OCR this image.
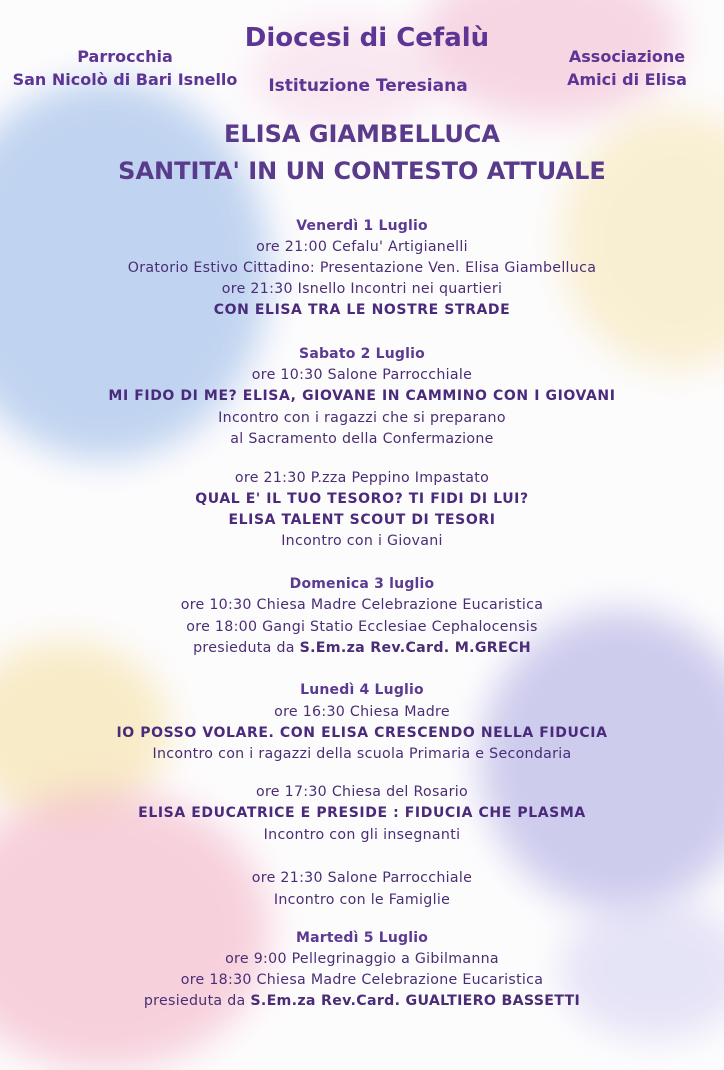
Parrocchia
San Nicolò di Bari Isnello
Diocesi di Cefalù
Istituzione Teresiana
Associazione
Amici di Elisa
ELISA GIAMBELLUCA
SANTITA' IN UN CONTESTO ATTUALE
Venerdì 1 Luglio
ore 21:00 Cefalu' Artigianelli
Oratorio Estivo Cittadino: Presentazione Ven. Elisa Giambelluca
ore 21:30 Isnello Incontri nei quartieri
CON ELISA TRA LE NOSTRE STRADE
Sabato 2 Luglio
ore 10:30 Salone Parrocchiale
MI FIDO DI ME? ELISA, GIOVANE IN CAMMINO CON I GIOVANI
Incontro con i ragazzi che si preparano
al Sacramento della Confermazione
ore 21:30 P.zza Peppino Impastato
QUAL E' IL TUO TESORO? TI FIDI DI LUI?
ELISA TALENT SCOUT DI TESORI
Incontro con i Giovani
Domenica 3 luglio
ore 10:30 Chiesa Madre Celebrazione Eucaristica
ore 18:00 Gangi Statio Ecclesiae Cephalocensis
presieduta da S.Em.za Rev.Card. M.GRECH
Lunedì 4 Luglio
ore 16:30 Chiesa Madre
IO POSSO VOLARE. CON ELISA CRESCENDO NELLA FIDUCIA
Incontro con i ragazzi della scuola Primaria e Secondaria
ore 17:30 Chiesa del Rosario
ELISA EDUCATRICE E PRESIDE : FIDUCIA CHE PLASMA
Incontro con gli insegnanti
ore 21:30 Salone Parrocchiale
Incontro con le Famiglie
Martedì 5 Luglio
ore 9:00 Pellegrinaggio a Gibilmanna
ore 18:30 Chiesa Madre Celebrazione Eucaristica
presieduta da S.Em.za Rev.Card. GUALTIERO BASSETTI
